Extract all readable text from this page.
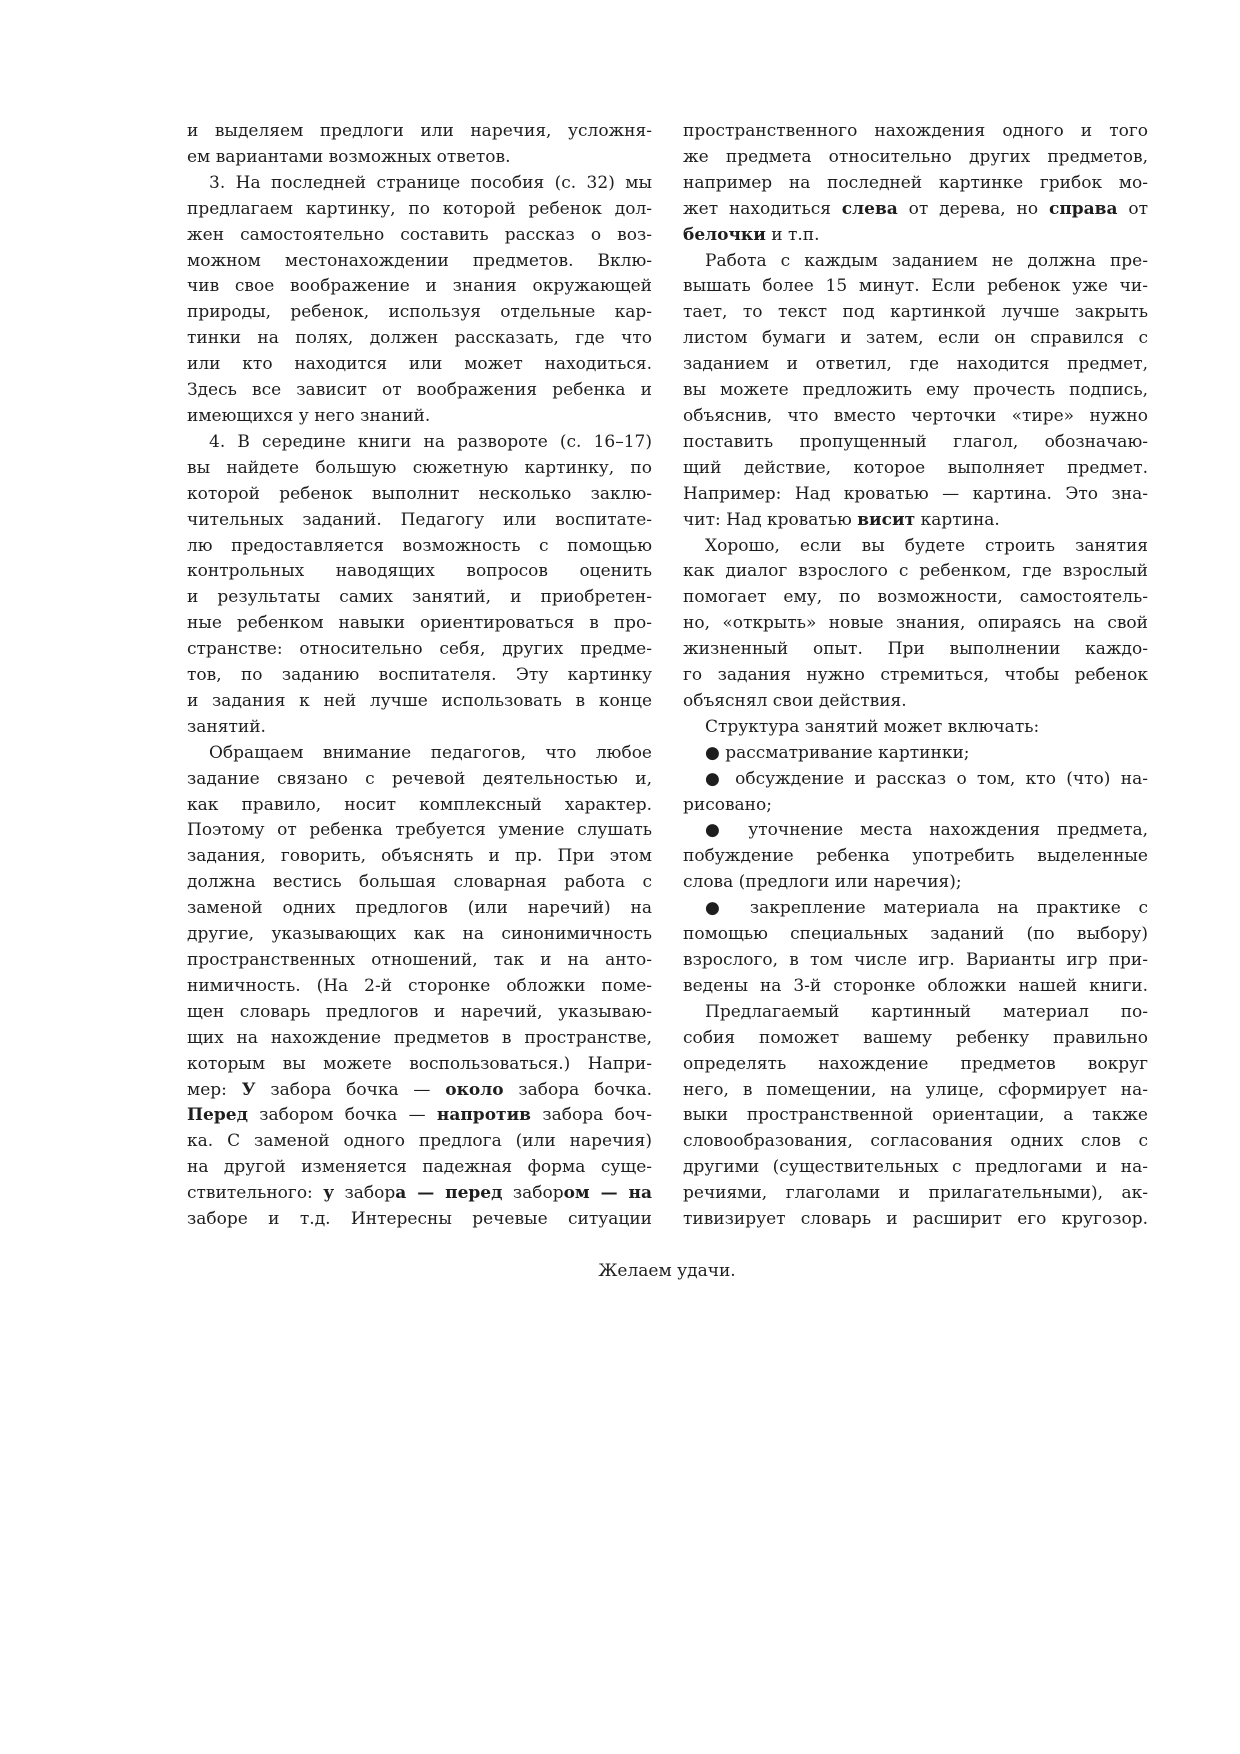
и выделяем предлоги или наречия, усложня-
ем вариантами возможных ответов.
3. На последней странице пособия (с. 32) мы
предлагаем картинку, по которой ребенок дол-
жен самостоятельно составить рассказ о воз-
можном местонахождении предметов. Вклю-
чив свое воображение и знания окружающей
природы, ребенок, используя отдельные кар-
тинки на полях, должен рассказать, где что
или кто находится или может находиться.
Здесь все зависит от воображения ребенка и
имеющихся у него знаний.
4. В середине книги на развороте (с. 16–17)
вы найдете большую сюжетную картинку, по
которой ребенок выполнит несколько заклю-
чительных заданий. Педагогу или воспитате-
лю предоставляется возможность с помощью
контрольных наводящих вопросов оценить
и результаты самих занятий, и приобретен-
ные ребенком навыки ориентироваться в про-
странстве: относительно себя, других предме-
тов, по заданию воспитателя. Эту картинку
и задания к ней лучше использовать в конце
занятий.
Обращаем внимание педагогов, что любое
задание связано с речевой деятельностью и,
как правило, носит комплексный характер.
Поэтому от ребенка требуется умение слушать
задания, говорить, объяснять и пр. При этом
должна вестись большая словарная работа с
заменой одних предлогов (или наречий) на
другие, указывающих как на синонимичность
пространственных отношений, так и на анто-
нимичность. (На 2-й сторонке обложки поме-
щен словарь предлогов и наречий, указываю-
щих на нахождение предметов в пространстве,
которым вы можете воспользоваться.) Напри-
мер: У забора бочка — около забора бочка.
Перед забором бочка — напротив забора боч-
ка. С заменой одного предлога (или наречия)
на другой изменяется падежная форма суще-
ствительного: у забора — перед забором — на
заборе и т.д. Интересны речевые ситуации
пространственного нахождения одного и того
же предмета относительно других предметов,
например на последней картинке грибок мо-
жет находиться слева от дерева, но справа от
белочки и т.п.
Работа с каждым заданием не должна пре-
вышать более 15 минут. Если ребенок уже чи-
тает, то текст под картинкой лучше закрыть
листом бумаги и затем, если он справился с
заданием и ответил, где находится предмет,
вы можете предложить ему прочесть подпись,
объяснив, что вместо черточки «тире» нужно
поставить пропущенный глагол, обозначаю-
щий действие, которое выполняет предмет.
Например: Над кроватью — картина. Это зна-
чит: Над кроватью висит картина.
Хорошо, если вы будете строить занятия
как диалог взрослого с ребенком, где взрослый
помогает ему, по возможности, самостоятель-
но, «открыть» новые знания, опираясь на свой
жизненный опыт. При выполнении каждо-
го задания нужно стремиться, чтобы ребенок
объяснял свои действия.
Структура занятий может включать:
● рассматривание картинки;
● обсуждение и рассказ о том, кто (что) на-
рисовано;
● уточнение места нахождения предмета,
побуждение ребенка употребить выделенные
слова (предлоги или наречия);
● закрепление материала на практике с
помощью специальных заданий (по выбору)
взрослого, в том числе игр. Варианты игр при-
ведены на 3-й сторонке обложки нашей книги.
Предлагаемый картинный материал по-
собия поможет вашему ребенку правильно
определять нахождение предметов вокруг
него, в помещении, на улице, сформирует на-
выки пространственной ориентации, а также
словообразования, согласования одних слов с
другими (существительных с предлогами и на-
речиями, глаголами и прилагательными), ак-
тивизирует словарь и расширит его кругозор.
Желаем удачи.
